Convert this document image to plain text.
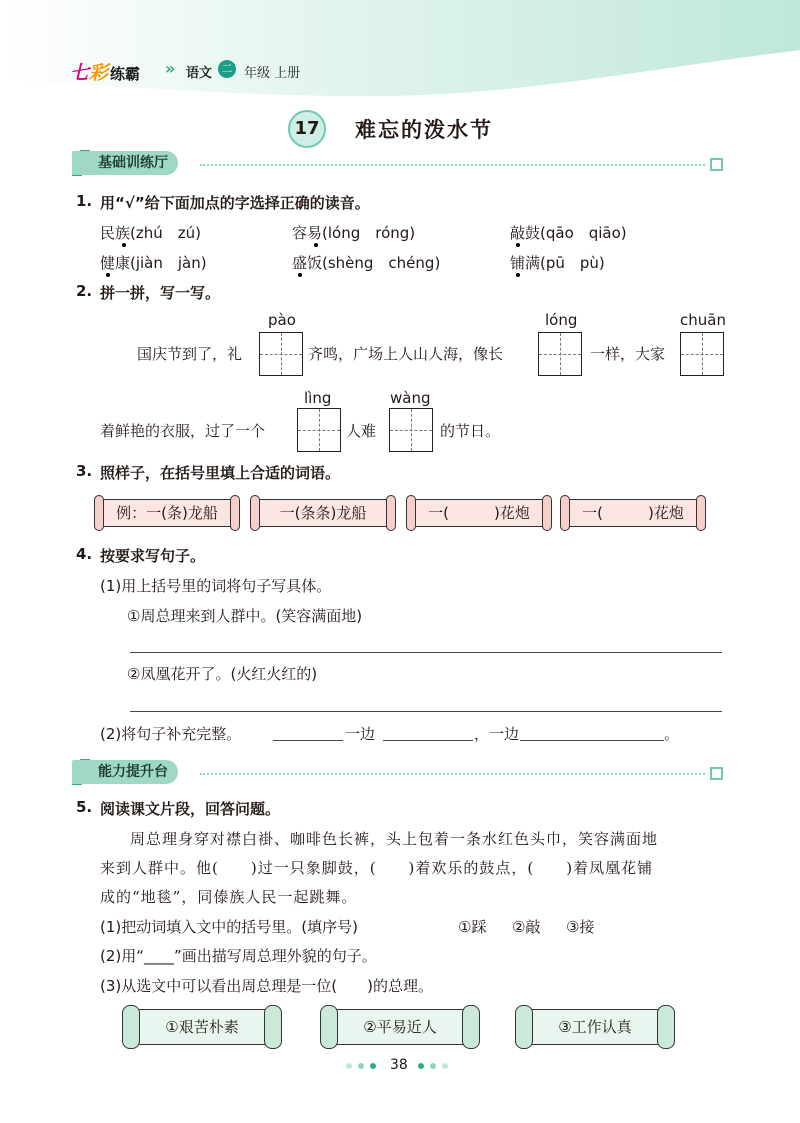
七彩 练霸 » 语文 二 年级 上册
17	难忘的泼水节
基础训练厅
1. 用“√”给下面加点的字选择正确的读音。
民族(zhú　zú)	容易(lóng　róng)	敲鼓(qāo　qiāo)
健康(jiàn　jàn)	盛饭(shèng　chéng)	铺满(pū　pù)
2. 拼一拼，写一写。
pào	lóng	chuān
国庆节到了，礼	齐鸣，广场上人山人海，像长	一样，大家
lìng	wàng
着鲜艳的衣服，过了一个	人难	的节日。
3. 照样子，在括号里填上合适的词语。
例：一(条)龙船	一(条条)龙船	一(　　　)花炮	一(　　　)花炮
4. 按要求写句子。
(1)用上括号里的词将句子写具体。
①周总理来到人群中。(笑容满面地)
②凤凰花开了。(火红火红的)
(2)将句子补充完整。	一边	，一边	。
能力提升台
5. 阅读课文片段，回答问题。
周总理身穿对襟白褂、咖啡色长裤，头上包着一条水红色头巾，笑容满面地
来到人群中。他(　　)过一只象脚鼓，(　　)着欢乐的鼓点，(　　)着凤凰花铺
成的“地毯”，同傣族人民一起跳舞。
(1)把动词填入文中的括号里。(填序号)	①踩 ②敲 ③接
(2)用“____”画出描写周总理外貌的句子。
(3)从选文中可以看出周总理是一位(　　)的总理。
①艰苦朴素	②平易近人	③工作认真
38
